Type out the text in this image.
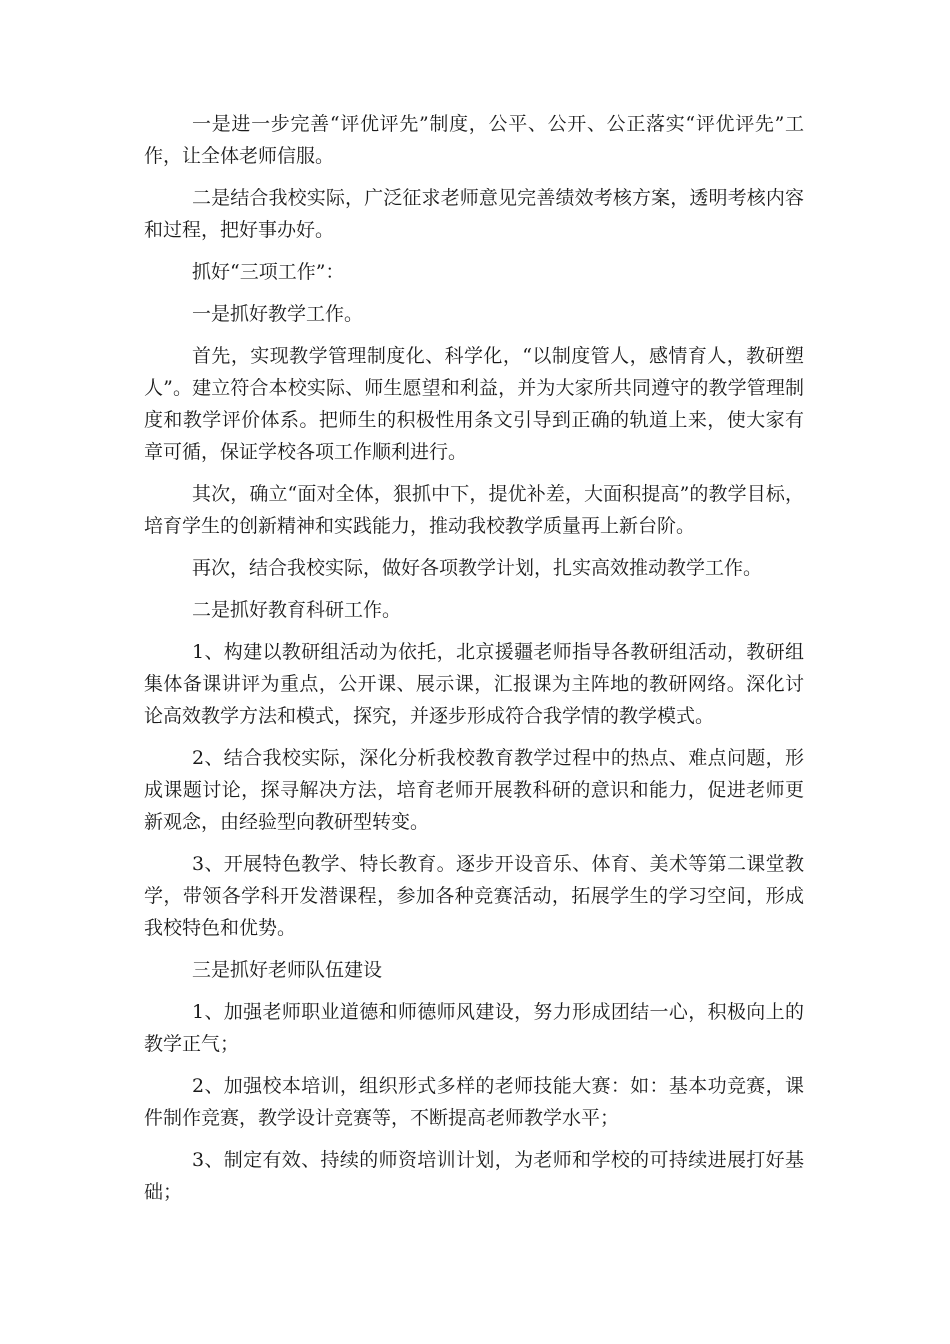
一是进一步完善“评优评先”制度，公平、公开、公正落实“评优评先”工作，让全体老师信服。

二是结合我校实际，广泛征求老师意见完善绩效考核方案，透明考核内容和过程，把好事办好。

抓好“三项工作”：

一是抓好教学工作。

首先，实现教学管理制度化、科学化，“以制度管人，感情育人，教研塑人”。建立符合本校实际、师生愿望和利益，并为大家所共同遵守的教学管理制度和教学评价体系。把师生的积极性用条文引导到正确的轨道上来，使大家有章可循，保证学校各项工作顺利进行。

其次，确立“面对全体，狠抓中下，提优补差，大面积提高”的教学目标，培育学生的创新精神和实践能力，推动我校教学质量再上新台阶。

再次，结合我校实际，做好各项教学计划，扎实高效推动教学工作。

二是抓好教育科研工作。

1、构建以教研组活动为依托，北京援疆老师指导各教研组活动，教研组集体备课讲评为重点，公开课、展示课，汇报课为主阵地的教研网络。深化讨论高效教学方法和模式，探究，并逐步形成符合我学情的教学模式。

2、结合我校实际，深化分析我校教育教学过程中的热点、难点问题，形成课题讨论，探寻解决方法，培育老师开展教科研的意识和能力，促进老师更新观念，由经验型向教研型转变。

3、开展特色教学、特长教育。逐步开设音乐、体育、美术等第二课堂教学，带领各学科开发潜课程，参加各种竞赛活动，拓展学生的学习空间，形成我校特色和优势。

三是抓好老师队伍建设

1、加强老师职业道德和师德师风建设，努力形成团结一心，积极向上的教学正气；

2、加强校本培训，组织形式多样的老师技能大赛：如：基本功竞赛，课件制作竞赛，教学设计竞赛等，不断提高老师教学水平；

3、制定有效、持续的师资培训计划，为老师和学校的可持续进展打好基础；
